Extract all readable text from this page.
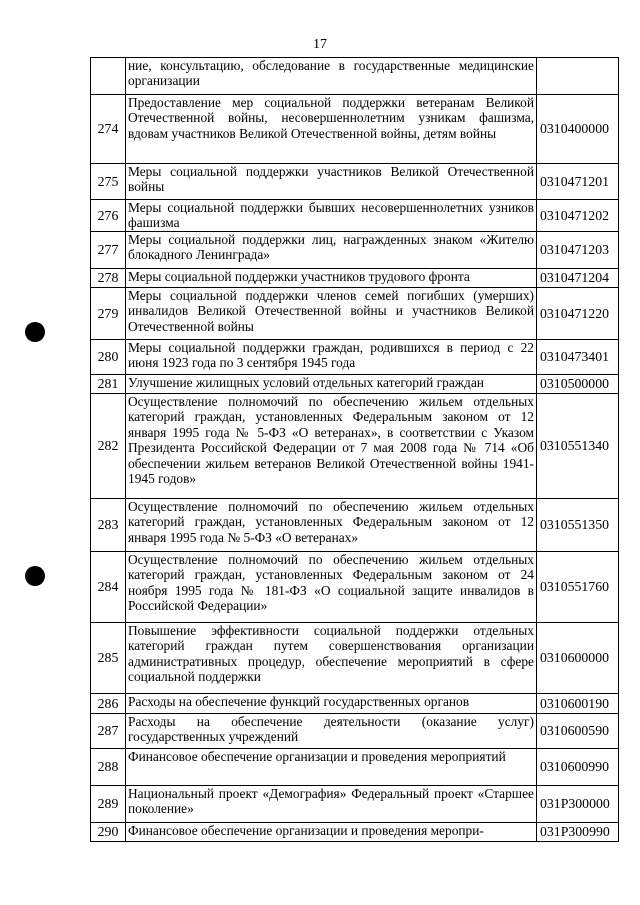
17
	ние, консультацию, обследование в государственные медицинские организации	
274	Предоставление мер социальной поддержки ветеранам Великой Отечественной войны, несовершеннолетним узникам фашизма, вдовам участников Великой Отечественной войны, детям войны	0310400000
275	Меры социальной поддержки участников Великой Отечественной войны	0310471201
276	Меры социальной поддержки бывших несовершеннолетних узников фашизма	0310471202
277	Меры социальной поддержки лиц, награжденных знаком «Жителю блокадного Ленинграда»	0310471203
278	Меры социальной поддержки участников трудового фронта	0310471204
279	Меры социальной поддержки членов семей погибших (умерших) инвалидов Великой Отечественной войны и участников Великой Отечественной войны	0310471220
280	Меры социальной поддержки граждан, родившихся в период с 22 июня 1923 года по 3 сентября 1945 года	0310473401
281	Улучшение жилищных условий отдельных категорий граждан	0310500000
282	Осуществление полномочий по обеспечению жильем отдельных категорий граждан, установленных Федеральным законом от 12 января 1995 года № 5-ФЗ «О ветеранах», в соответствии с Указом Президента Российской Федерации от 7 мая 2008 года № 714 «Об обеспечении жильем ветеранов Великой Отечественной войны 1941-1945 годов»	0310551340
283	Осуществление полномочий по обеспечению жильем отдельных категорий граждан, установленных Федеральным законом от 12 января 1995 года № 5-ФЗ «О ветеранах»	0310551350
284	Осуществление полномочий по обеспечению жильем отдельных категорий граждан, установленных Федеральным законом от 24 ноября 1995 года № 181-ФЗ «О социальной защите инвалидов в Российской Федерации»	0310551760
285	Повышение эффективности социальной поддержки отдельных категорий граждан путем совершенствования организации административных процедур, обеспечение мероприятий в сфере социальной поддержки	0310600000
286	Расходы на обеспечение функций государственных органов	0310600190
287	Расходы на обеспечение деятельности (оказание услуг) государственных учреждений	0310600590
288	Финансовое обеспечение организации и проведения мероприятий	0310600990
289	Национальный проект «Демография» Федеральный проект «Старшее поколение»	031P300000
290	Финансовое обеспечение организации и проведения меропри-	031P300990
